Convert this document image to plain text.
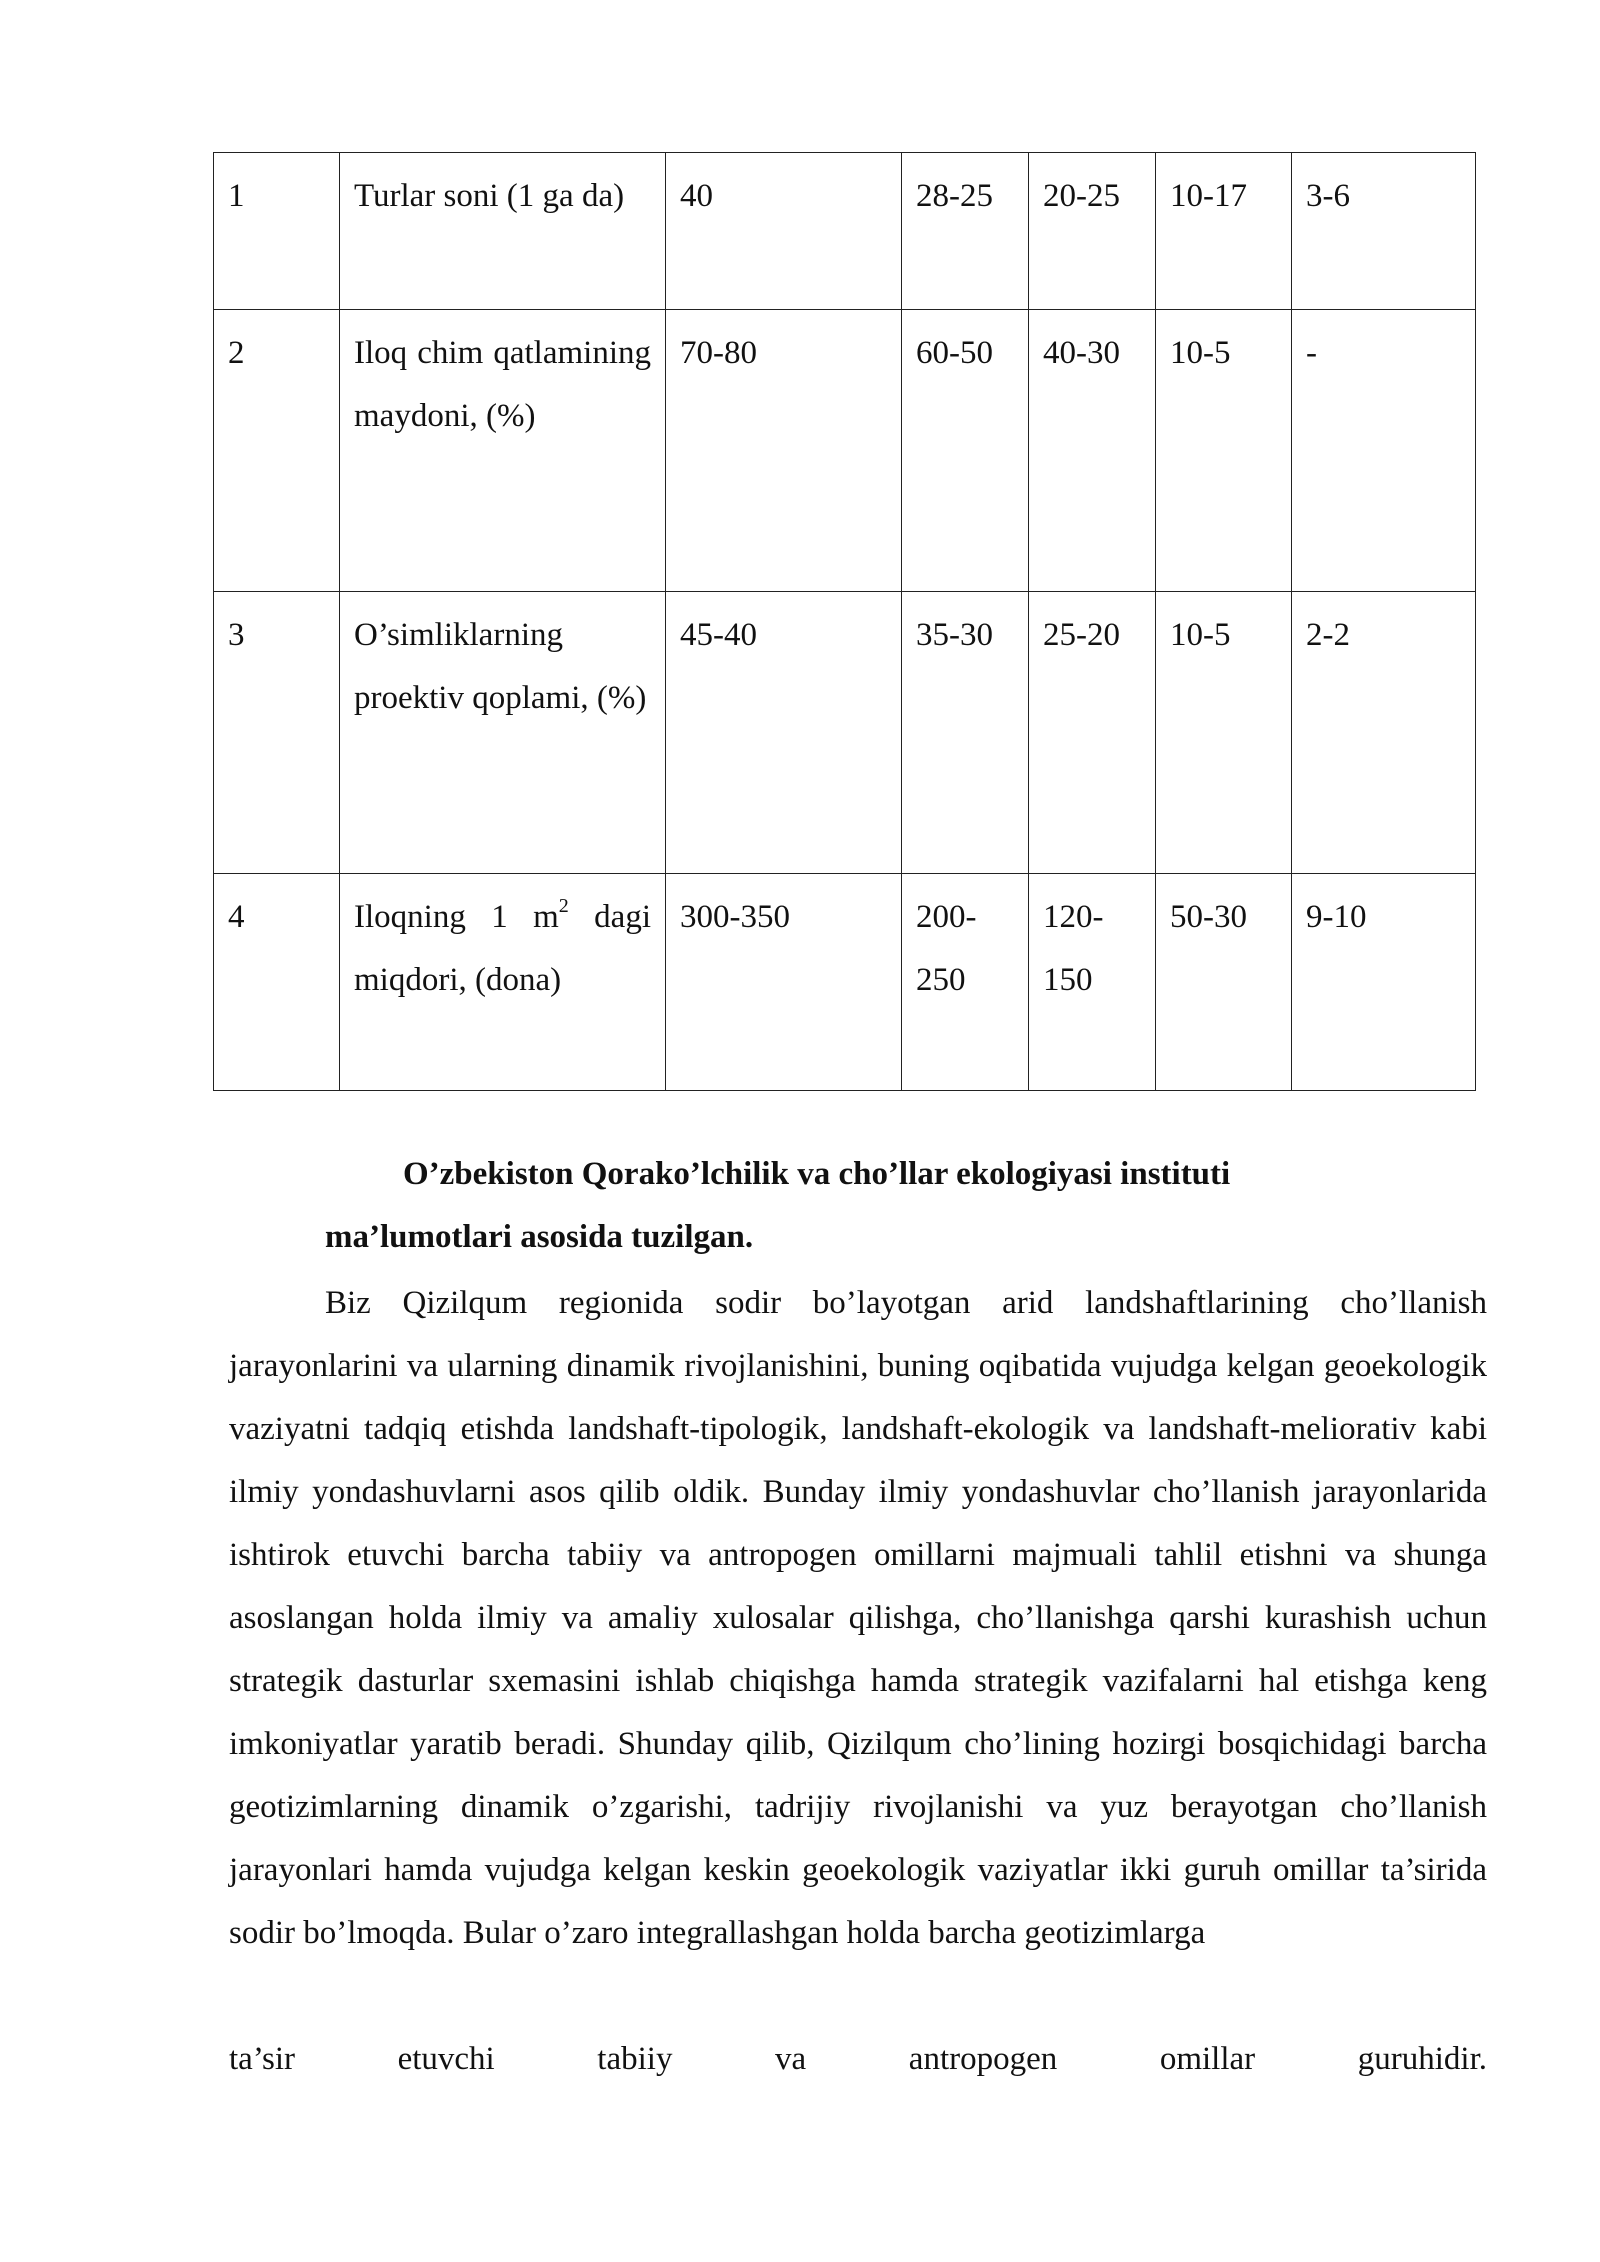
1	Turlar soni (1 ga da)	40	28-25	20-25	10-17	3-6
2	Iloq chim qatlamining maydoni, (%)	70-80	60-50	40-30	10-5	-
3	O’simliklarning proektiv qoplami, (%)	45-40	35-30	25-20	10-5	2-2
4	Iloqning 1 $m^2$ dagi miqdori, (dona)	300-350	200-250	120-150	50-30	9-10
O’zbekiston Qorako’lchilik va cho’llar ekologiyasi instituti
ma’lumotlari asosida tuzilgan.

Biz Qizilqum regionida sodir bo’layotgan arid landshaftlarining cho’llanish jarayonlarini va ularning dinamik rivojlanishini, buning oqibatida vujudga kelgan geoekologik vaziyatni tadqiq etishda landshaft-tipologik, landshaft-ekologik va landshaft-meliorativ kabi ilmiy yondashuvlarni asos qilib oldik. Bunday ilmiy yondashuvlar cho’llanish jarayonlarida ishtirok etuvchi barcha tabiiy va antropogen omillarni majmuali tahlil etishni va shunga asoslangan holda ilmiy va amaliy xulosalar qilishga, cho’llanishga qarshi kurashish uchun strategik dasturlar sxemasini ishlab chiqishga hamda strategik vazifalarni hal etishga keng imkoniyatlar yaratib beradi. Shunday qilib, Qizilqum cho’lining hozirgi bosqichidagi barcha geotizimlarning dinamik o’zgarishi, tadrijiy rivojlanishi va yuz berayotgan cho’llanish jarayonlari hamda vujudga kelgan keskin geoekologik vaziyatlar ikki guruh omillar ta’sirida sodir bo’lmoqda. Bular o’zaro integrallashgan holda barcha geotizimlarga

ta’sir etuvchi tabiiy va antropogen omillar guruhidir.
